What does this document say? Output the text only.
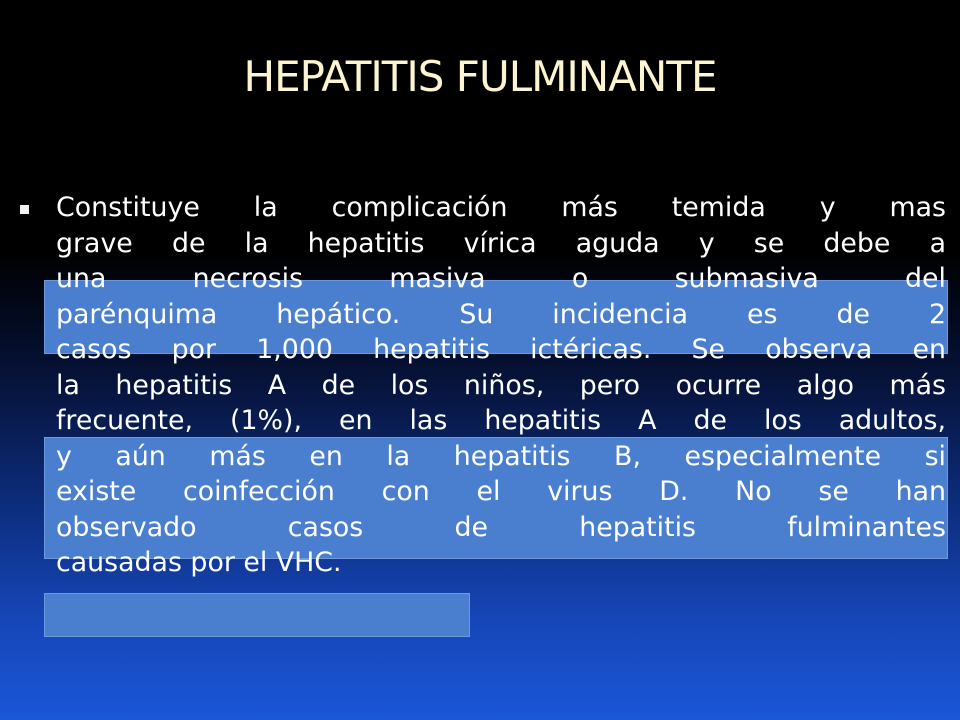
HEPATITIS FULMINANTE
Constituye la complicación más temida y mas
grave de la hepatitis vírica aguda y se debe a
una necrosis masiva o submasiva del
parénquima hepático. Su incidencia es de 2
casos por 1,000 hepatitis ictéricas. Se observa en
la hepatitis A de los niños, pero ocurre algo más
frecuente, (1%), en las hepatitis A de los adultos,
y aún más en la hepatitis B, especialmente si
existe coinfección con el virus D. No se han
observado casos de hepatitis fulminantes
causadas por el VHC.
